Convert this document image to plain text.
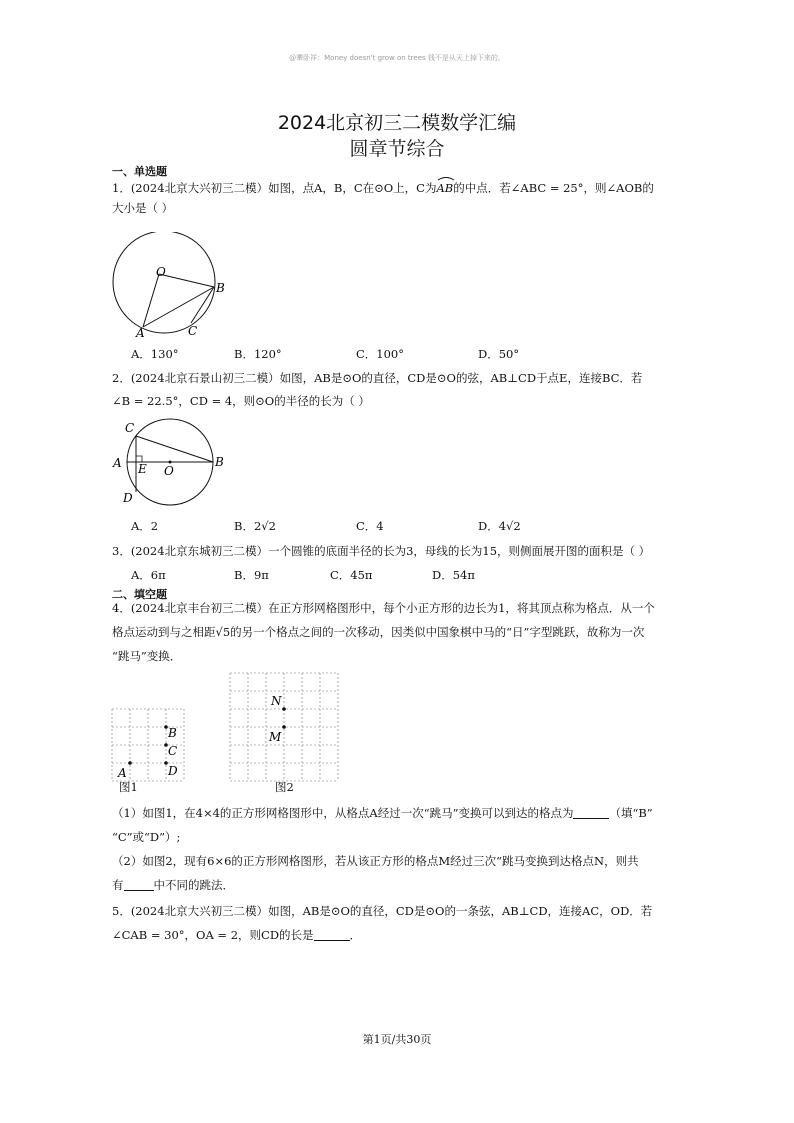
@犟卧祥：Money doesn't grow on trees 钱不是从天上掉下来的。
2024北京初三二模数学汇编
圆章节综合
一、单选题
1．(2024北京大兴初三二模）如图，点A，B，C在⊙O上，C为
AB的中点．若∠ABC = 25°，则∠AOB的
大小是（ ）
O
B
A	C
A．130°	B．120°	C．100°	D．50°
2．(2024北京石景山初三二模）如图，AB是⊙O的直径，CD是⊙O的弦，AB⊥CD于点E，连接BC．若
∠B = 22.5°，CD = 4，则⊙O的半径的长为（ ）
C
A E O
B
D
A．2	B．2√2	C．4	D．4√2
3．(2024北京东城初三二模）一个圆锥的底面半径的长为3，母线的长为15，则侧面展开图的面积是（ ）
A．6π	B．9π	C．45π	D．54π
二、填空题
4．(2024北京丰台初三二模）在正方形网格图形中，每个小正方形的边长为1，将其顶点称为格点．从一个
格点运动到与之相距√5的另一个格点之间的一次移动，因类似中国象棋中马的“日”字型跳跃，故称为一次
“跳马”变换．
A
B
C
D
图1
N
M
图2
（1）如图1，在4×4的正方形网格图形中，从格点A经过一次“跳马”变换可以到达的格点为	（填“B”
“C”或“D”）;
（2）如图2，现有6×6的正方形网格图形，若从该正方形的格点M经过三次“跳马变换到达格点N，则共
有	中不同的跳法．
5．(2024北京大兴初三二模）如图，AB是⊙O的直径，CD是⊙O的一条弦，AB⊥CD，连接AC，OD．若
∠CAB = 30°，OA = 2，则CD的长是	．
第1页/共30页
